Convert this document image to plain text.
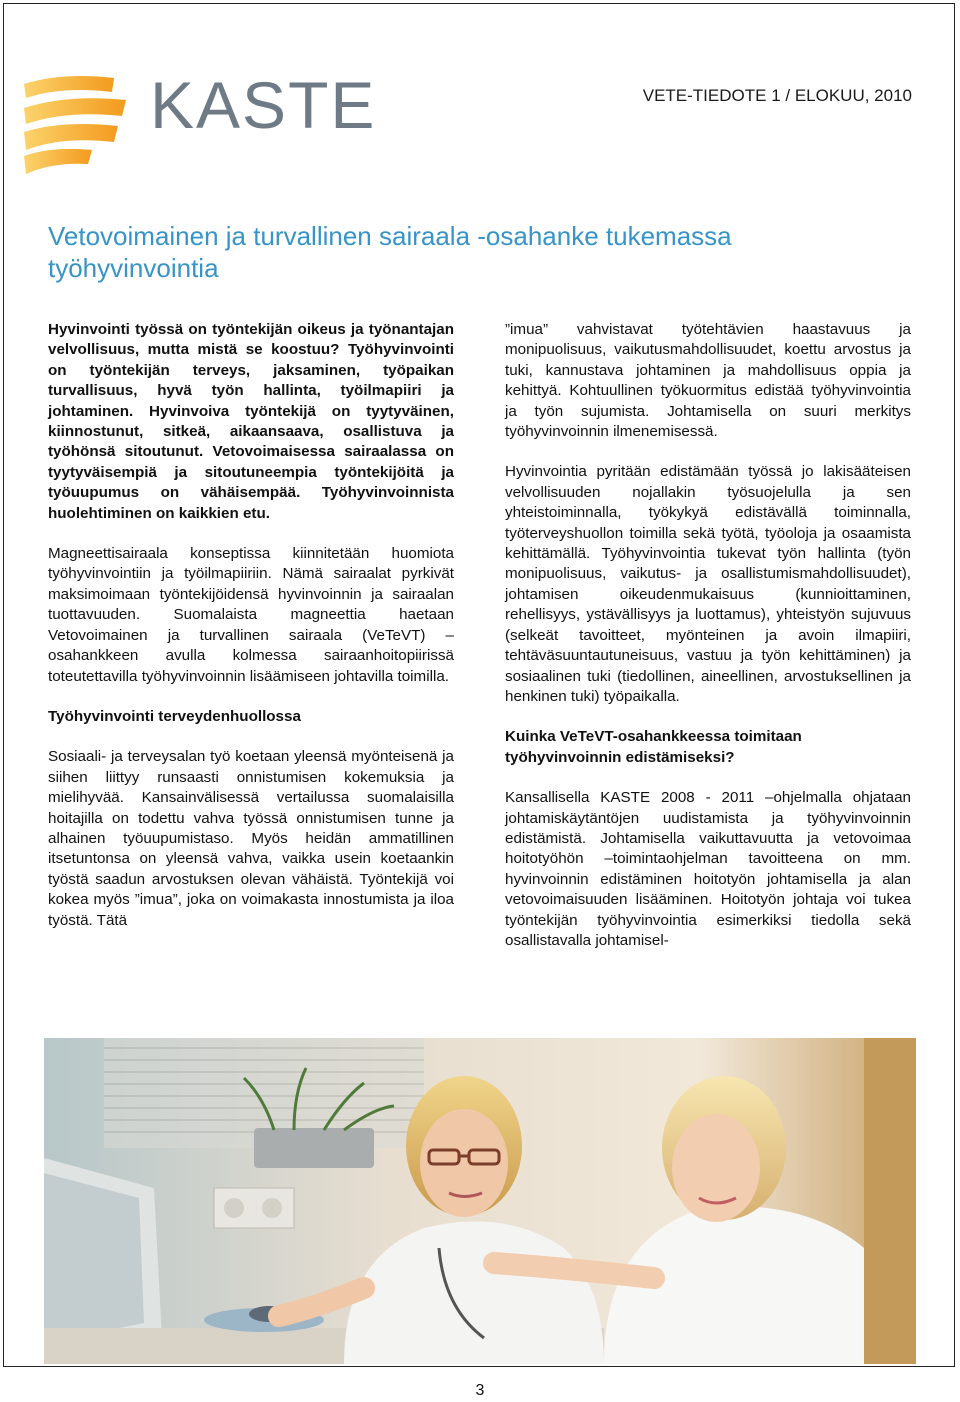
KASTE	VETE-TIEDOTE 1 / ELOKUU, 2010
Vetovoimainen ja turvallinen sairaala -osahanke tukemassa työhyvinvointia

Hyvinvointi työssä on työntekijän oikeus ja työnantajan velvollisuus, mutta mistä se koostuu? Työhyvinvointi on työntekijän terveys, jaksaminen, työpaikan turvallisuus, hyvä työn hallinta, työilmapiiri ja johtaminen. Hyvinvoiva työntekijä on tyytyväinen, kiinnostunut, sitkeä, aikaansaava, osallistuva ja työhönsä sitoutunut. Vetovoimaisessa sairaalassa on tyytyväisempiä ja sitoutuneempia työntekijöitä ja työuupumus on vähäisempää. Työhyvinvoinnista huolehtiminen on kaikkien etu.

Magneettisairaala konseptissa kiinnitetään huomiota työhyvinvointiin ja työilmapiiriin. Nämä sairaalat pyrkivät maksimoimaan työntekijöidensä hyvinvoinnin ja sairaalan tuottavuuden. Suomalaista magneettia haetaan Vetovoimainen ja turvallinen sairaala (VeTeVT) –osahankkeen avulla kolmessa sairaanhoitopiirissä toteutettavilla työhyvinvoinnin lisäämiseen johtavilla toimilla.

Työhyvinvointi terveydenhuollossa

Sosiaali- ja terveysalan työ koetaan yleensä myönteisenä ja siihen liittyy runsaasti onnistumisen kokemuksia ja mielihyvää. Kansainvälisessä vertailussa suomalaisilla hoitajilla on todettu vahva työssä onnistumisen tunne ja alhainen työuupumistaso. Myös heidän ammatillinen itsetuntonsa on yleensä vahva, vaikka usein koetaankin työstä saadun arvostuksen olevan vähäistä. Työntekijä voi kokea myös ”imua”, joka on voimakasta innostumista ja iloa työstä. Tätä

”imua” vahvistavat työtehtävien haastavuus ja monipuolisuus, vaikutusmahdollisuudet, koettu arvostus ja tuki, kannustava johtaminen ja mahdollisuus oppia ja kehittyä. Kohtuullinen työkuormitus edistää työhyvinvointia ja työn sujumista. Johtamisella on suuri merkitys työhyvinvoinnin ilmenemisessä.

Hyvinvointia pyritään edistämään työssä jo lakisääteisen velvollisuuden nojallakin työsuojelulla ja sen yhteistoiminnalla, työkykyä edistävällä toiminnalla, työterveyshuollon toimilla sekä työtä, työoloja ja osaamista kehittämällä. Työhyvinvointia tukevat työn hallinta (työn monipuolisuus, vaikutus- ja osallistumismahdollisuudet), johtamisen oikeudenmukaisuus (kunnioittaminen, rehellisyys, ystävällisyys ja luottamus), yhteistyön sujuvuus (selkeät tavoitteet, myönteinen ja avoin ilmapiiri, tehtäväsuuntautuneisuus, vastuu ja työn kehittäminen) ja sosiaalinen tuki (tiedollinen, aineellinen, arvostuksellinen ja henkinen tuki) työpaikalla.

Kuinka VeTeVT-osahankkeessa toimitaan työhyvinvoinnin edistämiseksi?

Kansallisella KASTE 2008 - 2011 –ohjelmalla ohjataan johtamiskäytäntöjen uudistamista ja työhyvinvoinnin edistämistä. Johtamisella vaikuttavuutta ja vetovoimaa hoitotyöhön –toimintaohjelman tavoitteena on mm. hyvinvoinnin edistäminen hoitotyön johtamisella ja alan vetovoimaisuuden lisääminen. Hoitotyön johtaja voi tukea työntekijän työhyvinvointia esimerkiksi tiedolla sekä osallistavalla johtamisel-

3
